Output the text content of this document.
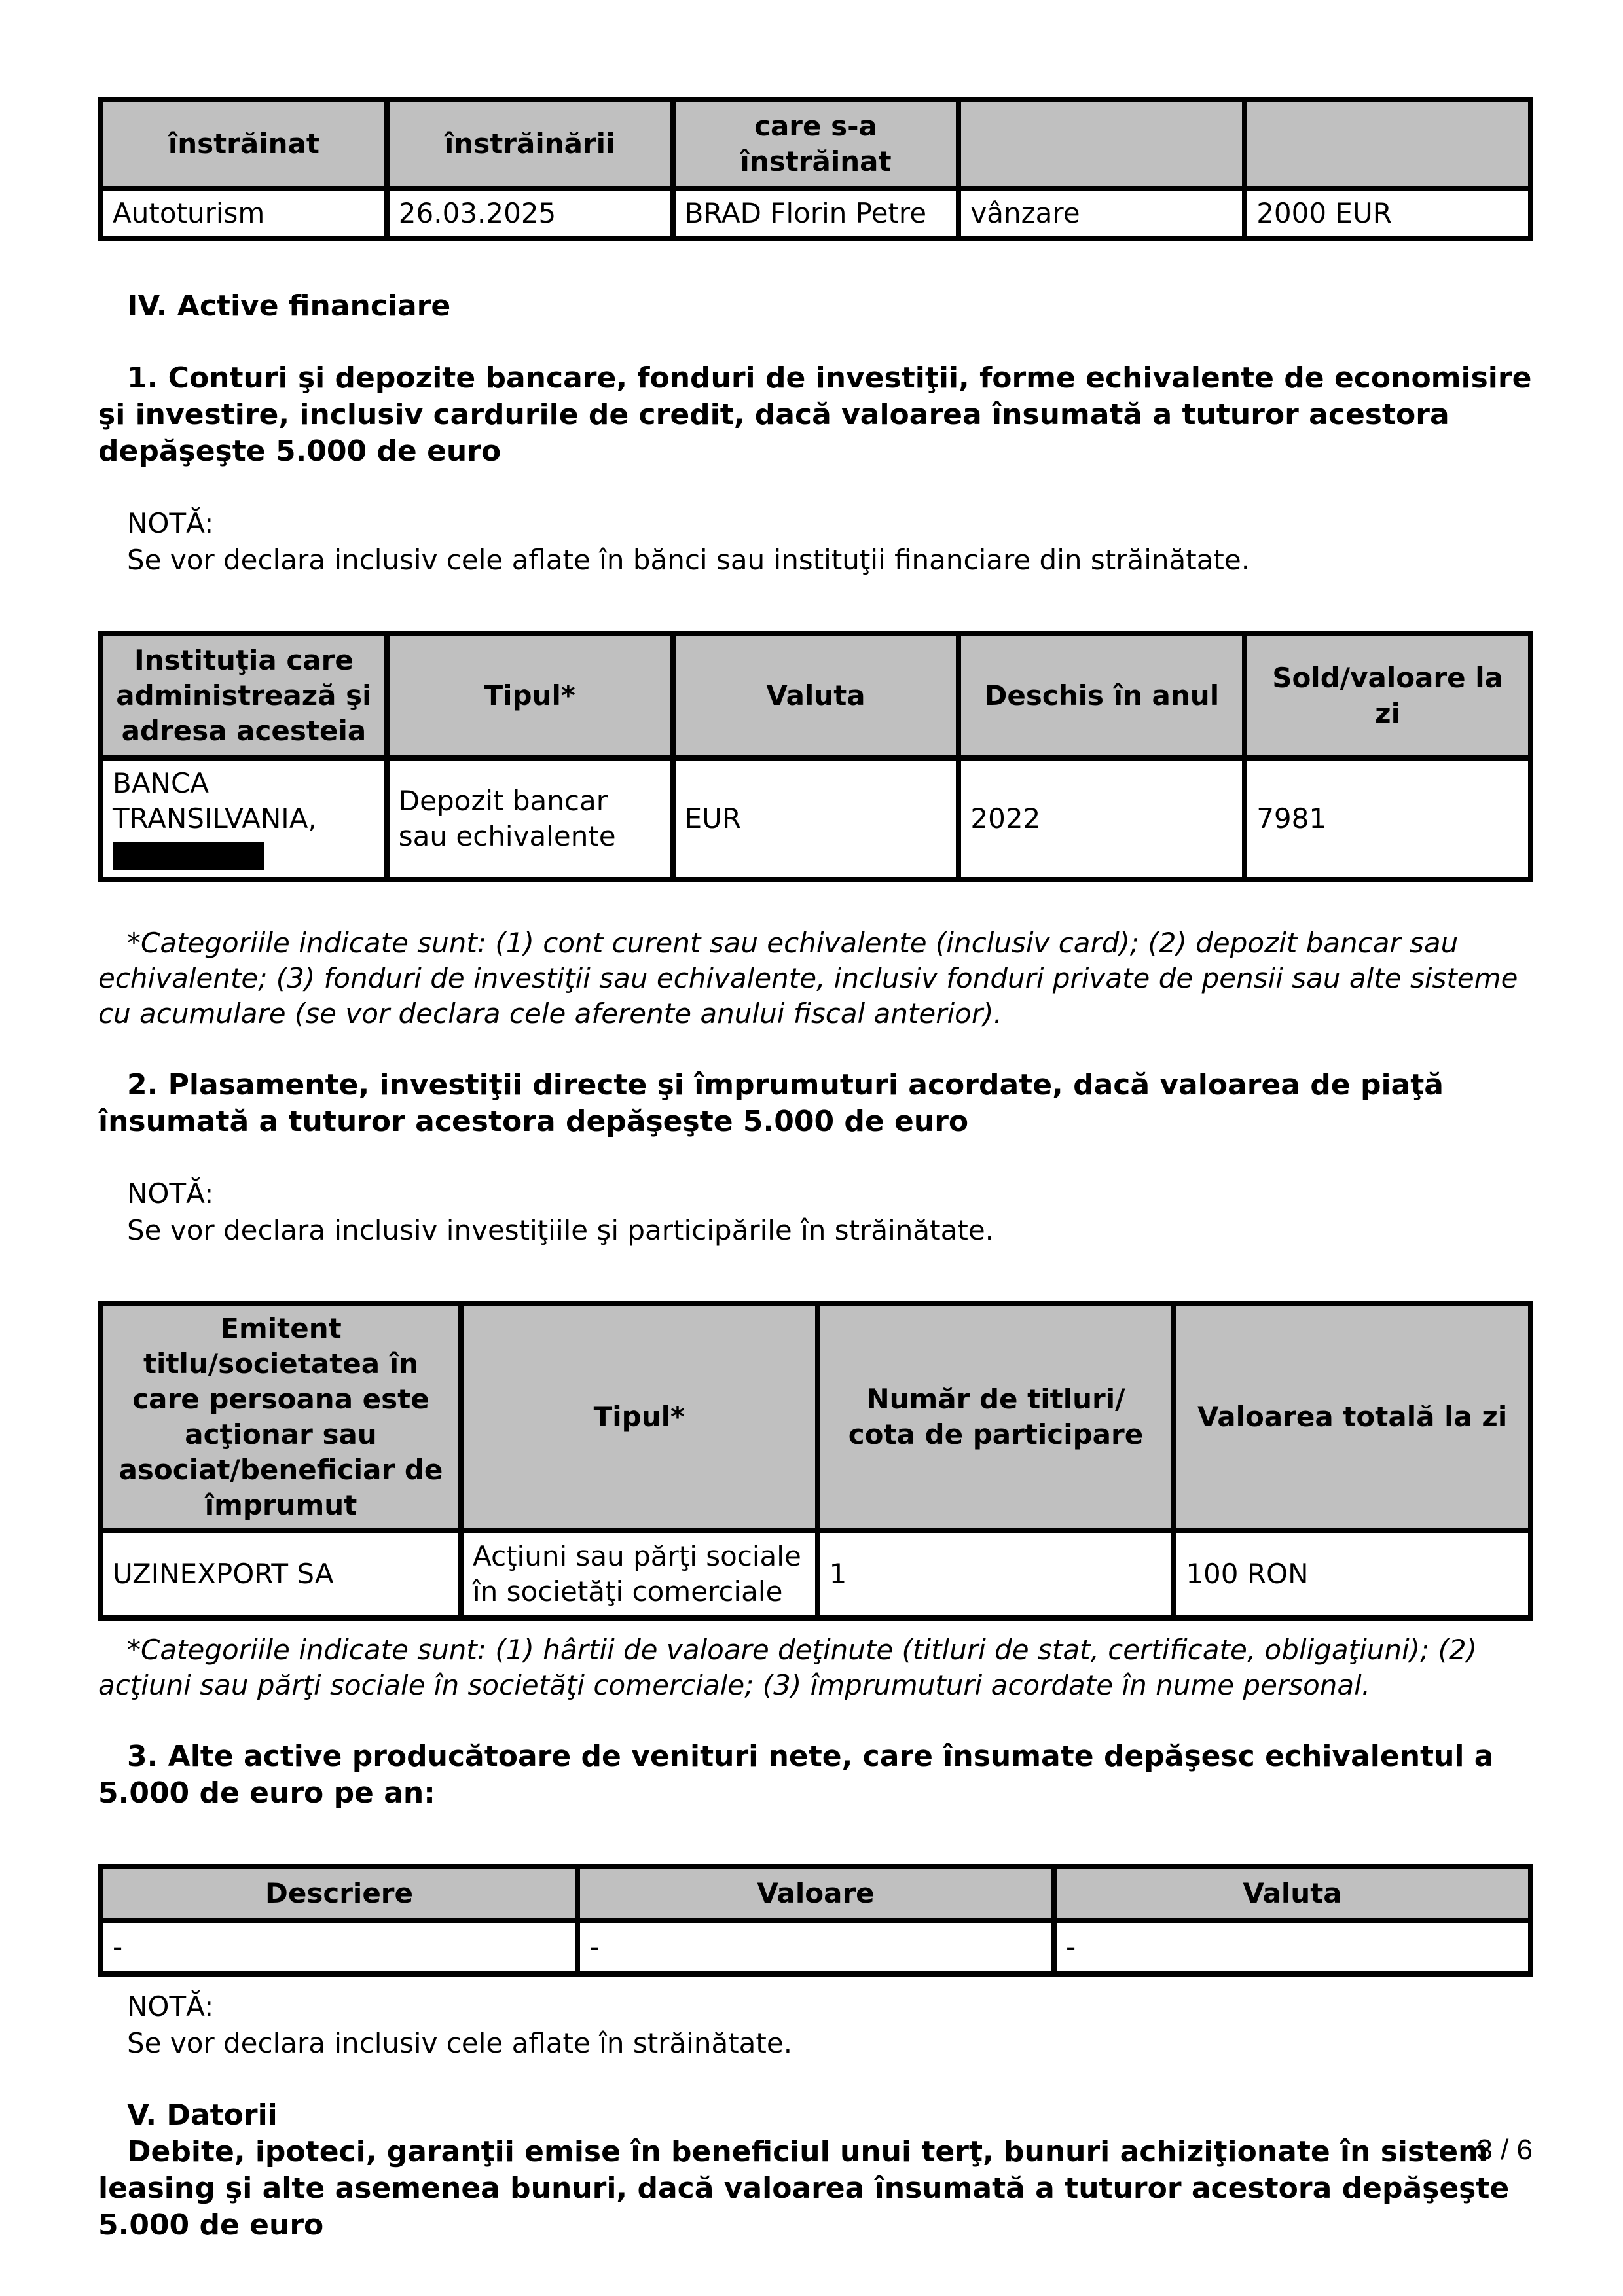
înstrăinat	înstrăinării	care s-a înstrăinat		
Autoturism	26.03.2025	BRAD Florin Petre	vânzare	2000 EUR

IV. Active financiare

1. Conturi şi depozite bancare, fonduri de investiţii, forme echivalente de economisire şi investire, inclusiv cardurile de credit, dacă valoarea însumată a tuturor acestora depăşeşte 5.000 de euro

NOTĂ:

Se vor declara inclusiv cele aflate în bănci sau instituţii financiare din străinătate.

Instituţia care administrează şi adresa acesteia	Tipul*	Valuta	Deschis în anul	Sold/valoare la zi
BANCA TRANSILVANIA,	Depozit bancar sau echivalente	EUR	2022	7981

*Categoriile indicate sunt: (1) cont curent sau echivalente (inclusiv card); (2) depozit bancar sau echivalente; (3) fonduri de investiţii sau echivalente, inclusiv fonduri private de pensii sau alte sisteme cu acumulare (se vor declara cele aferente anului fiscal anterior).

2. Plasamente, investiţii directe şi împrumuturi acordate, dacă valoarea de piaţă însumată a tuturor acestora depăşeşte 5.000 de euro

NOTĂ:

Se vor declara inclusiv investiţiile şi participările în străinătate.

Emitent titlu/societatea în care persoana este acţionar sau asociat/beneficiar de împrumut	Tipul*	Număr de titluri/ cota de participare	Valoarea totală la zi
UZINEXPORT SA	Acţiuni sau părţi sociale în societăţi comerciale	1	100 RON

*Categoriile indicate sunt: (1) hârtii de valoare deţinute (titluri de stat, certificate, obligaţiuni); (2) acţiuni sau părţi sociale în societăţi comerciale; (3) împrumuturi acordate în nume personal.

3. Alte active producătoare de venituri nete, care însumate depăşesc echivalentul a 5.000 de euro pe an:

Descriere	Valoare	Valuta
-	-	-

NOTĂ:

Se vor declara inclusiv cele aflate în străinătate.

V. Datorii

Debite, ipoteci, garanţii emise în beneficiul unui terţ, bunuri achiziţionate în sistem leasing şi alte asemenea bunuri, dacă valoarea însumată a tuturor acestora depăşeşte 5.000 de euro

3 / 6
